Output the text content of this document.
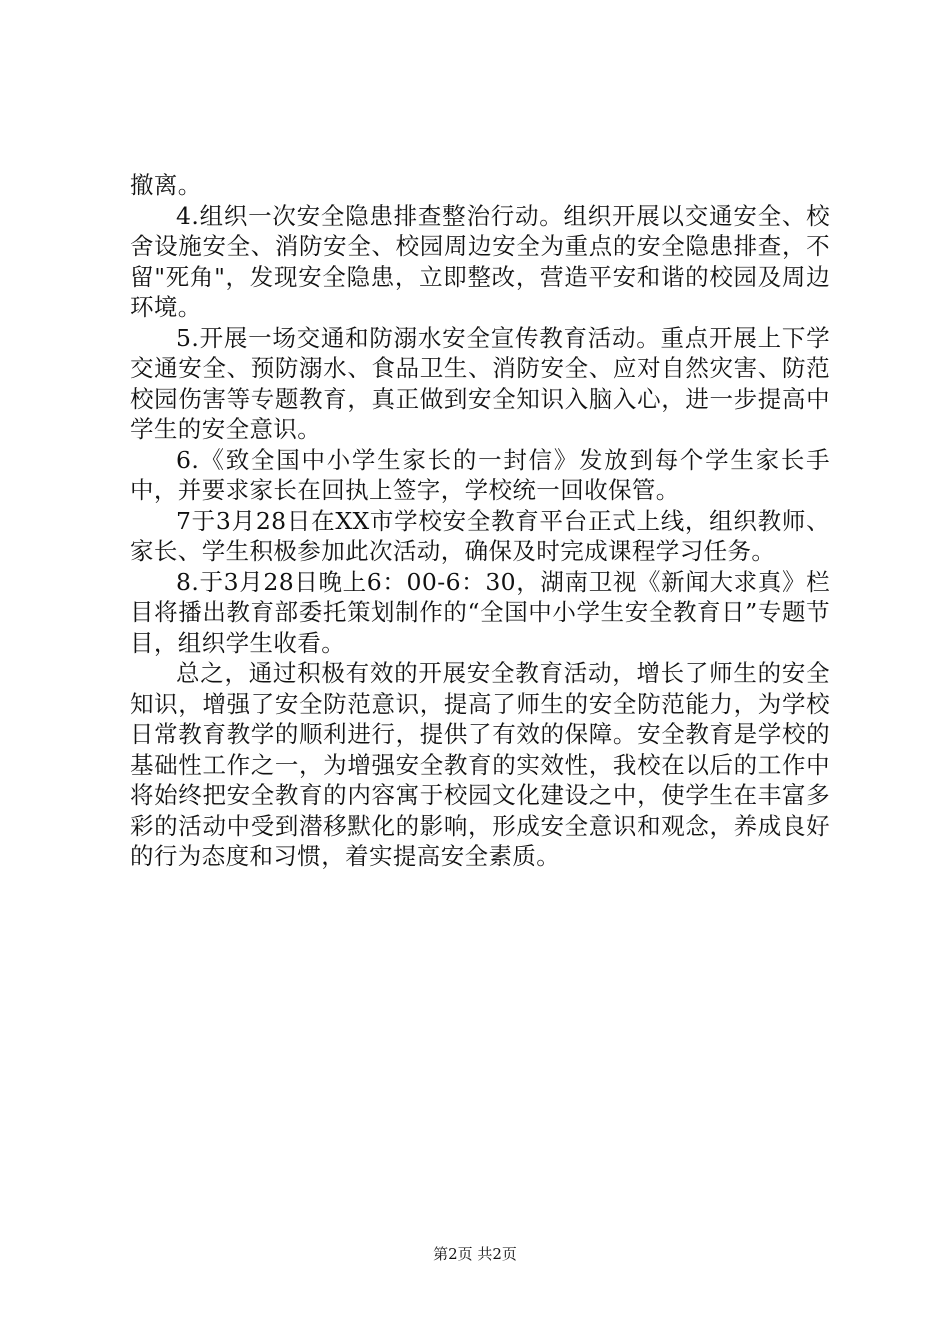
撤离。

4.组织一次安全隐患排查整治行动。组织开展以交通安全、校舍设施安全、消防安全、校园周边安全为重点的安全隐患排查，不留"死角"，发现安全隐患，立即整改，营造平安和谐的校园及周边环境。

5.开展一场交通和防溺水安全宣传教育活动。重点开展上下学交通安全、预防溺水、食品卫生、消防安全、应对自然灾害、防范校园伤害等专题教育，真正做到安全知识入脑入心，进一步提高中学生的安全意识。

6.《致全国中小学生家长的一封信》发放到每个学生家长手中，并要求家长在回执上签字，学校统一回收保管。

7于3月28日在XX市学校安全教育平台正式上线，组织教师、家长、学生积极参加此次活动，确保及时完成课程学习任务。

8.于3月28日晚上6：00-6：30，湖南卫视《新闻大求真》栏目将播出教育部委托策划制作的“全国中小学生安全教育日”专题节目，组织学生收看。

总之，通过积极有效的开展安全教育活动，增长了师生的安全知识，增强了安全防范意识，提高了师生的安全防范能力，为学校日常教育教学的顺利进行，提供了有效的保障。安全教育是学校的基础性工作之一，为增强安全教育的实效性，我校在以后的工作中将始终把安全教育的内容寓于校园文化建设之中，使学生在丰富多彩的活动中受到潜移默化的影响，形成安全意识和观念，养成良好的行为态度和习惯，着实提高安全素质。

第2页 共2页
